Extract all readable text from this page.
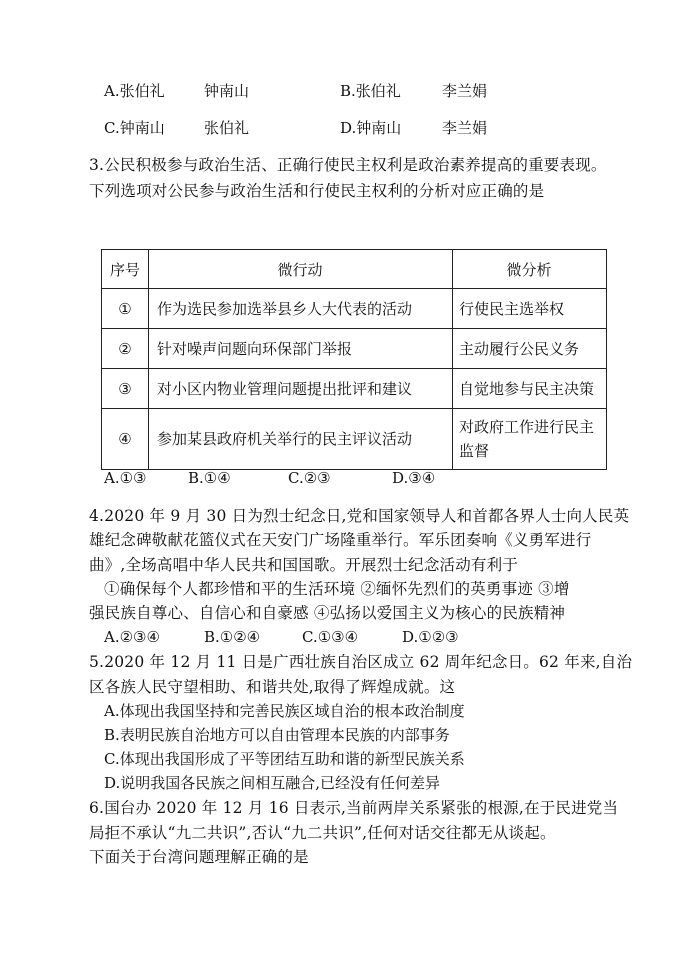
A.张伯礼	钟南山	B.张伯礼	李兰娟
C.钟南山	张伯礼	D.钟南山	李兰娟
3.公民积极参与政治生活、正确行使民主权利是政治素养提高的重要表现。
下列选项对公民参与政治生活和行使民主权利的分析对应正确的是
序号	微行动	微分析
①	作为选民参加选举县乡人大代表的活动	行使民主选举权
②	针对噪声问题向环保部门举报	主动履行公民义务
③	对小区内物业管理问题提出批评和建议	自觉地参与民主决策
④	参加某县政府机关举行的民主评议活动	对政府工作进行民主
监督
A.①③	B.①④	C.②③	D.③④
4.2020 年 9 月 30 日为烈士纪念日,党和国家领导人和首都各界人士向人民英
雄纪念碑敬献花篮仪式在天安门广场隆重举行。军乐团奏响《义勇军进行
曲》,全场高唱中华人民共和国国歌。开展烈士纪念活动有利于
①确保每个人都珍惜和平的生活环境 ②缅怀先烈们的英勇事迹 ③增
强民族自尊心、自信心和自豪感 ④弘扬以爱国主义为核心的民族精神
A.②③④	B.①②④	C.①③④	D.①②③
5.2020 年 12 月 11 日是广西壮族自治区成立 62 周年纪念日。62 年来,自治
区各族人民守望相助、和谐共处,取得了辉煌成就。这
A.体现出我国坚持和完善民族区域自治的根本政治制度
B.表明民族自治地方可以自由管理本民族的内部事务
C.体现出我国形成了平等团结互助和谐的新型民族关系
D.说明我国各民族之间相互融合,已经没有任何差异
6.国台办 2020 年 12 月 16 日表示,当前两岸关系紧张的根源,在于民进党当
局拒不承认“九二共识”,否认“九二共识”,任何对话交往都无从谈起。
下面关于台湾问题理解正确的是
